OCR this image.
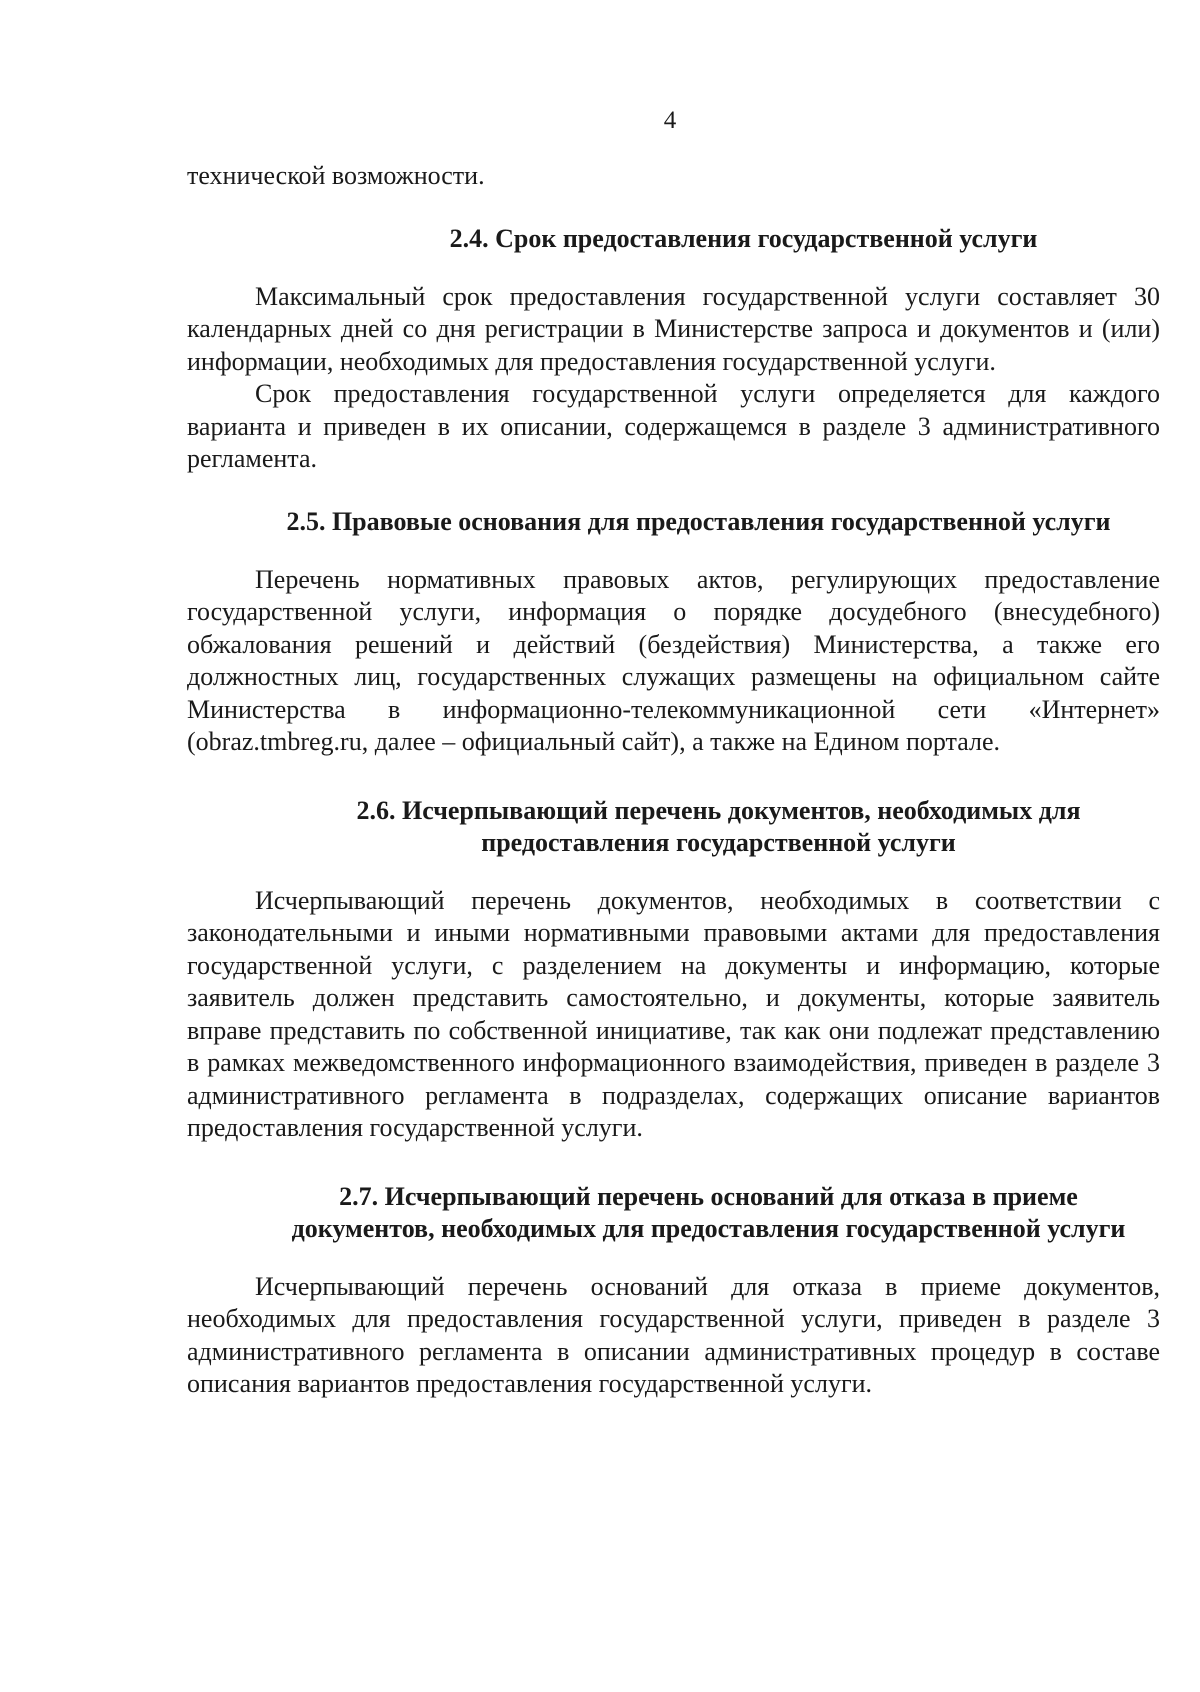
4

технической возможности.

2.4. Срок предоставления государственной услуги

Максимальный срок предоставления государственной услуги составляет 30 календарных дней со дня регистрации в Министерстве запроса и документов и (или) информации, необходимых для предоставления государственной услуги.

Срок предоставления государственной услуги определяется для каждого варианта и приведен в их описании, содержащемся в разделе 3 административного регламента.

2.5. Правовые основания для предоставления государственной услуги

Перечень нормативных правовых актов, регулирующих предоставление государственной услуги, информация о порядке досудебного (внесудебного) обжалования решений и действий (бездействия) Министерства, а также его должностных лиц, государственных служащих размещены на официальном сайте Министерства в информационно-телекоммуникационной сети «Интернет» (obraz.tmbreg.ru, далее – официальный сайт), а также на Едином портале.

2.6. Исчерпывающий перечень документов, необходимых для
предоставления государственной услуги

Исчерпывающий перечень документов, необходимых в соответствии с законодательными и иными нормативными правовыми актами для предоставления государственной услуги, с разделением на документы и информацию, которые заявитель должен представить самостоятельно, и документы, которые заявитель вправе представить по собственной инициативе, так как они подлежат представлению в рамках межведомственного информационного взаимодействия, приведен в разделе 3 административного регламента в подразделах, содержащих описание вариантов предоставления государственной услуги.

2.7. Исчерпывающий перечень оснований для отказа в приеме
документов, необходимых для предоставления государственной услуги

Исчерпывающий перечень оснований для отказа в приеме документов, необходимых для предоставления государственной услуги, приведен в разделе 3 административного регламента в описании административных процедур в составе описания вариантов предоставления государственной услуги.
